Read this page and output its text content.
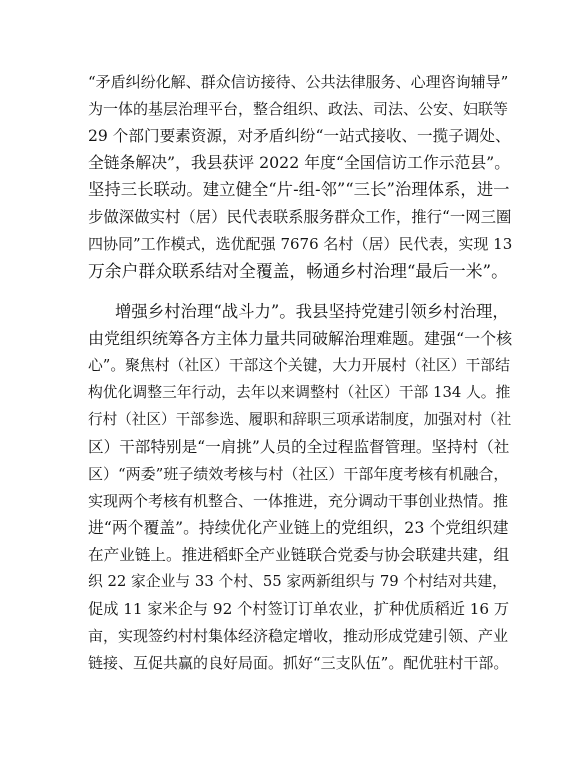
“矛盾纠纷化解、群众信访接待、公共法律服务、心理咨询辅导”
为一体的基层治理平台，整合组织、政法、司法、公安、妇联等
29 个部门要素资源，对矛盾纠纷“一站式接收、一揽子调处、
全链条解决”，我县获评 2022 年度“全国信访工作示范县”。
坚持三长联动。建立健全“片-组-邻”“三长”治理体系，进一
步做深做实村（居）民代表联系服务群众工作，推行“一网三圈
四协同”工作模式，选优配强 7676 名村（居）民代表，实现 13
万余户群众联系结对全覆盖，畅通乡村治理“最后一米”。
增强乡村治理“战斗力”。我县坚持党建引领乡村治理，
由党组织统筹各方主体力量共同破解治理难题。建强“一个核
心”。聚焦村（社区）干部这个关键，大力开展村（社区）干部结
构优化调整三年行动，去年以来调整村（社区）干部 134 人。推
行村（社区）干部参选、履职和辞职三项承诺制度，加强对村（社
区）干部特别是“一肩挑”人员的全过程监督管理。坚持村（社
区）“两委”班子绩效考核与村（社区）干部年度考核有机融合，
实现两个考核有机整合、一体推进，充分调动干事创业热情。推
进“两个覆盖”。持续优化产业链上的党组织，23 个党组织建
在产业链上。推进稻虾全产业链联合党委与协会联建共建，组
织 22 家企业与 33 个村、55 家两新组织与 79 个村结对共建，
促成 11 家米企与 92 个村签订订单农业，扩种优质稻近 16 万
亩，实现签约村村集体经济稳定增收，推动形成党建引领、产业
链接、互促共赢的良好局面。抓好“三支队伍”。配优驻村干部。
